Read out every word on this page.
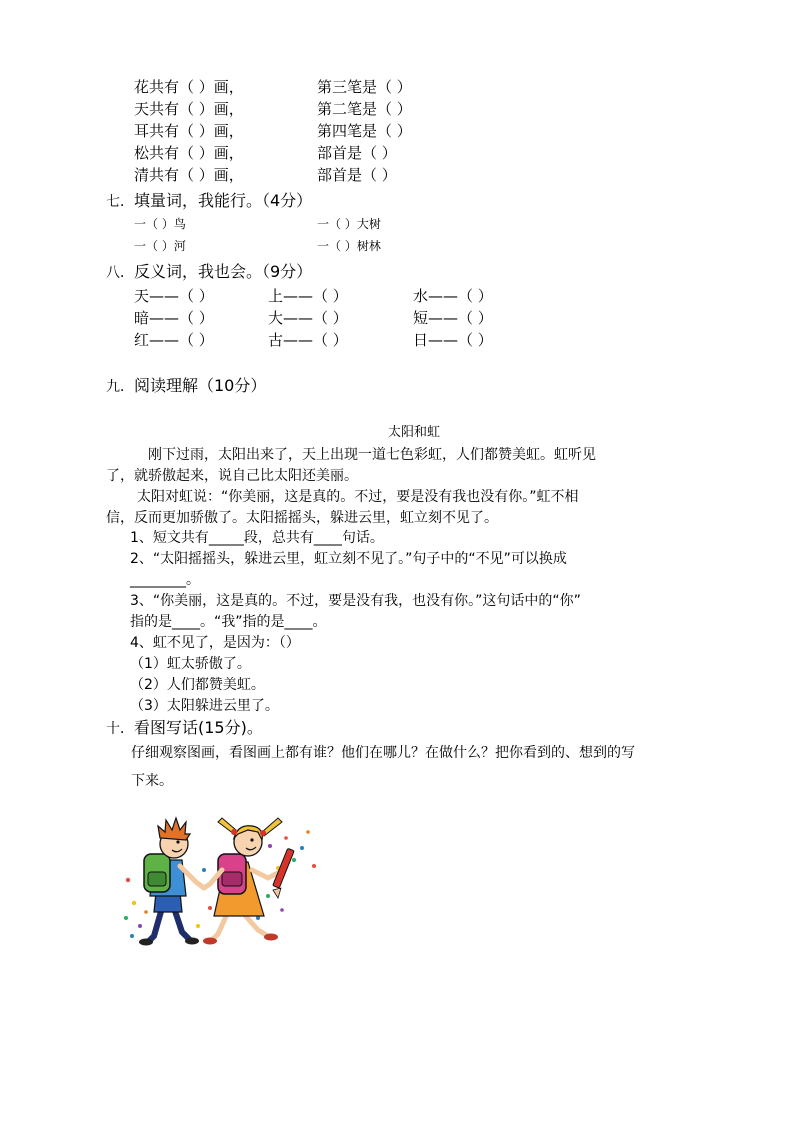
花共有（ ）画，	第三笔是（ ）
天共有（ ）画，	第二笔是（ ）
耳共有（ ）画，	第四笔是（ ）
松共有（ ）画，	部首是（ ）
清共有（ ）画，	部首是（ ）
七．填量词，我能行。（4分）
一（ ）鸟	一（ ）大树
一（ ）河	一（ ）树林
八．反义词，我也会。（9分）
天——（ ）	上——（ ）	水——（ ）
暗——（ ）	大——（ ）	短——（ ）
红——（ ）	古——（ ）	日——（ ）
九．阅读理解（10分）
太阳和虹
刚下过雨，太阳出来了，天上出现一道七色彩虹，人们都赞美虹。虹听见
了，就骄傲起来，说自己比太阳还美丽。
太阳对虹说：“你美丽，这是真的。不过，要是没有我也没有你。”虹不相
信，反而更加骄傲了。太阳摇摇头，躲进云里，虹立刻不见了。
1、短文共有_____段，总共有____句话。
2、“太阳摇摇头，躲进云里，虹立刻不见了。”句子中的“不见”可以换成
________。
3、“你美丽，这是真的。不过，要是没有我，也没有你。”这句话中的“你”
指的是____。“我”指的是____。
4、虹不见了，是因为：（）
（1）虹太骄傲了。
（2）人们都赞美虹。
（3）太阳躲进云里了。
十．看图写话(15分)。
仔细观察图画，看图画上都有谁？他们在哪儿？在做什么？把你看到的、想到的写
下来。
